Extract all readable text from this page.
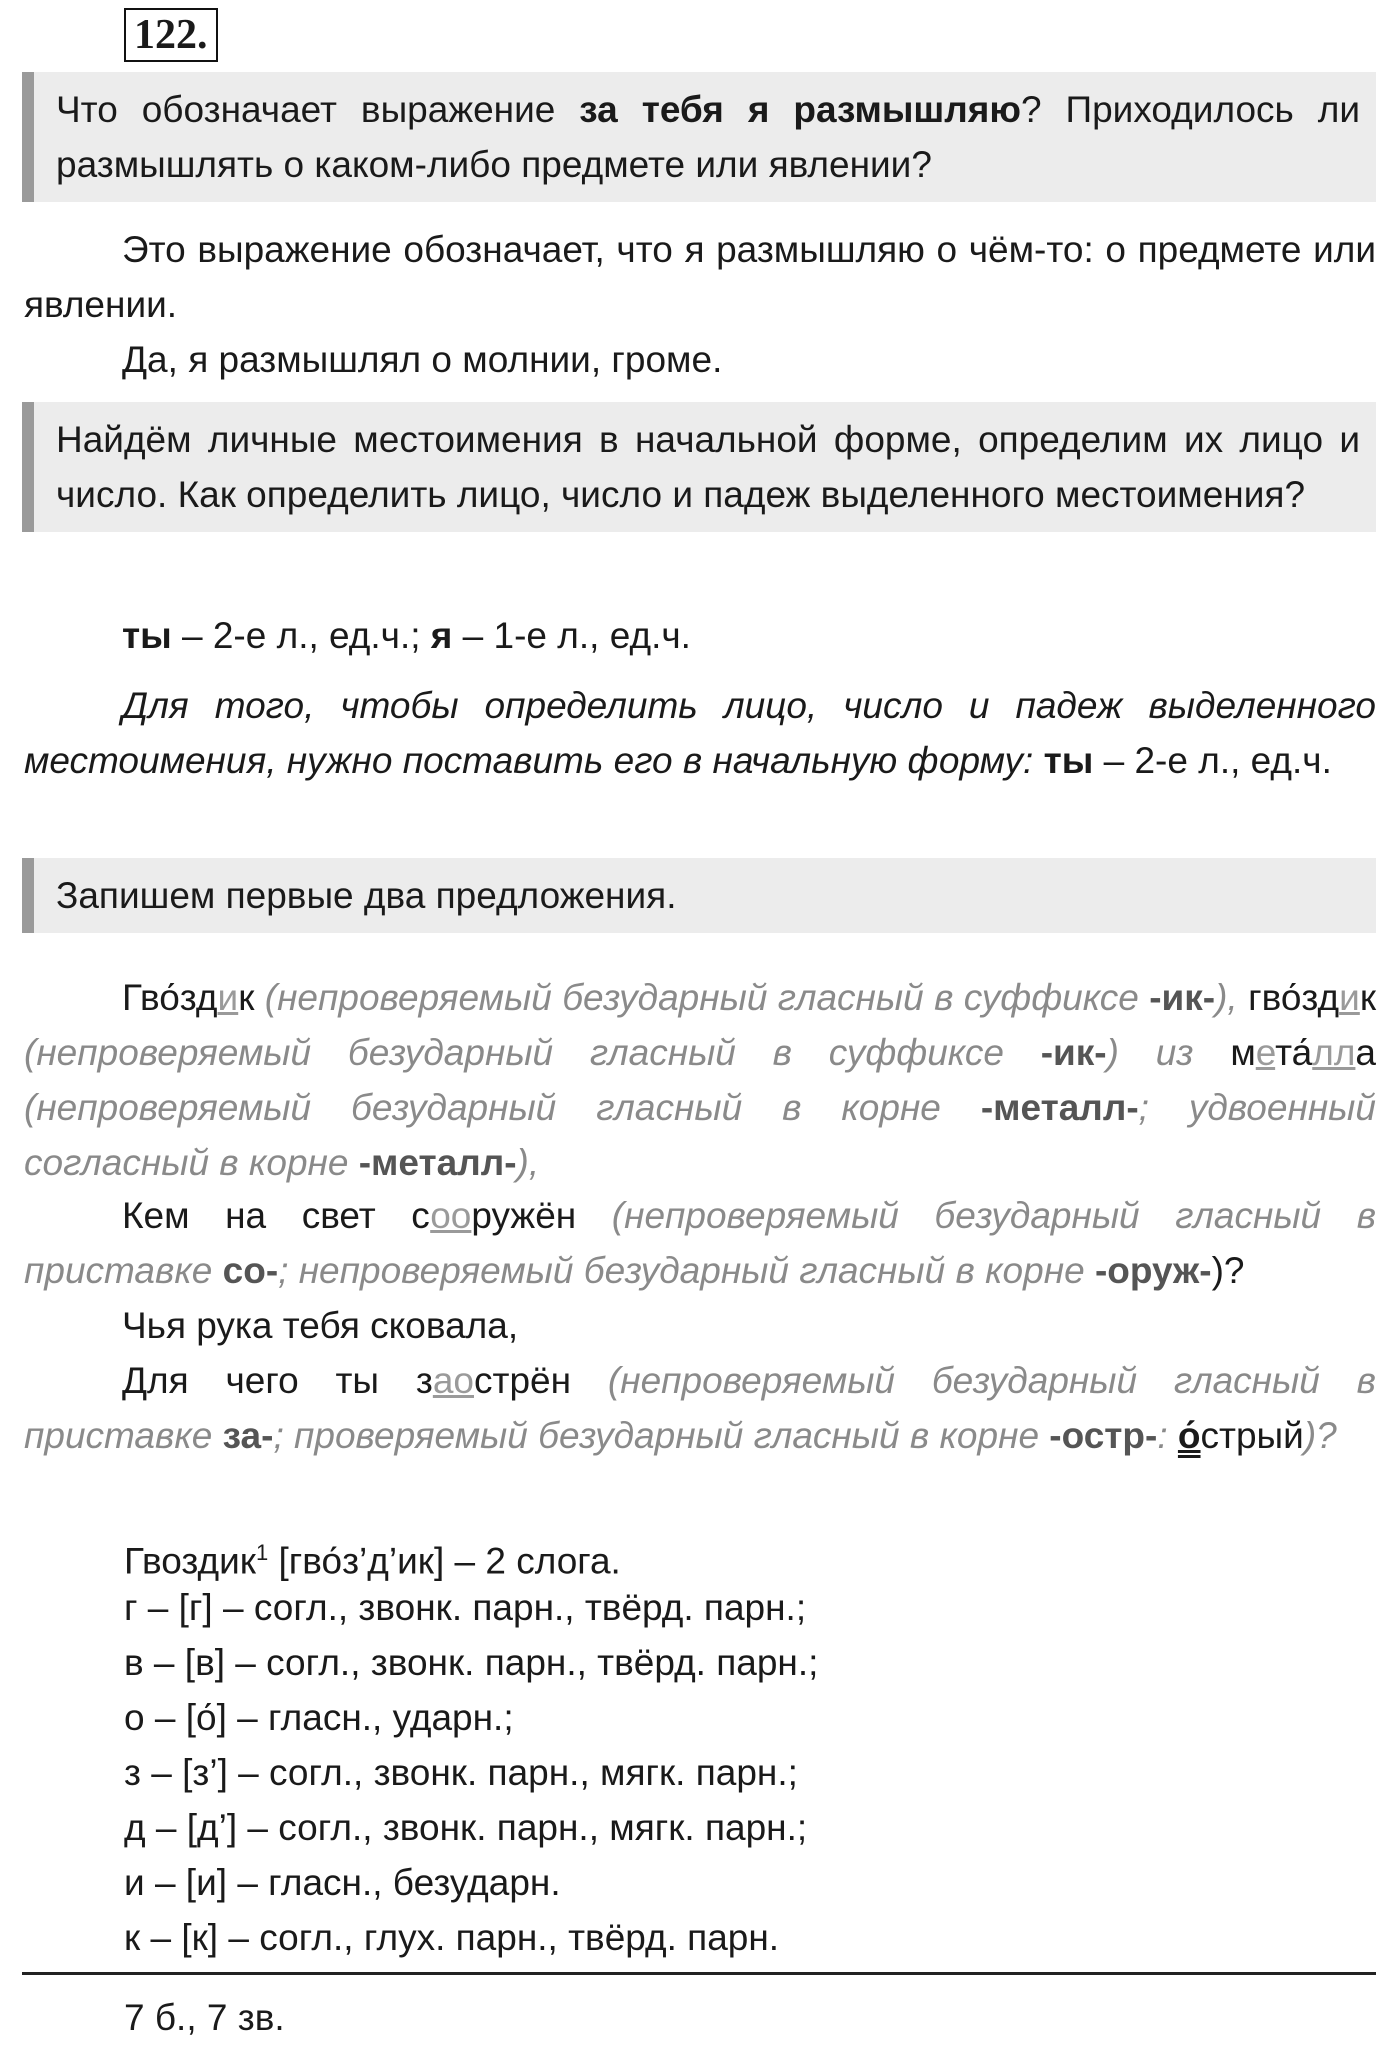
122.
Что обозначает выражение за тебя я размышляю? Приходилось ли размышлять о каком-либо предмете или явлении?
Это выражение обозначает, что я размышляю о чём-то: о предмете или явлении.
Да, я размышлял о молнии, громе.
Найдём личные местоимения в начальной форме, определим их лицо и число. Как определить лицо, число и падеж выделенного местоимения?
ты – 2-е л., ед.ч.; я – 1-е л., ед.ч.
Для того, чтобы определить лицо, число и падеж выделенного местоимения, нужно поставить его в начальную форму: ты – 2-е л., ед.ч.
Запишем первые два предложения.
Гво́здик (непроверяемый безударный гласный в суффиксе -ик-), гво́здик (непроверяемый безударный гласный в суффиксе -ик-) из мета́лла (непроверяемый безударный гласный в корне -металл-; удвоенный согласный в корне -металл-),
Кем на свет сооружён (непроверяемый безударный гласный в приставке со-; непроверяемый безударный гласный в корне -оруж-)?
Чья рука тебя сковала,
Для чего ты заострён (непроверяемый безударный гласный в приставке за-; проверяемый безударный гласный в корне -остр-: о́стрый)?
Гвоздик$^1$ [гво́з’д’ик] – 2 слога.
г – [г] – согл., звонк. парн., твёрд. парн.;
в – [в] – согл., звонк. парн., твёрд. парн.;
о – [о́] – гласн., ударн.;
з – [з’] – согл., звонк. парн., мягк. парн.;
д – [д’] – согл., звонк. парн., мягк. парн.;
и – [и] – гласн., безударн.
к – [к] – согл., глух. парн., твёрд. парн.
7 б., 7 зв.
